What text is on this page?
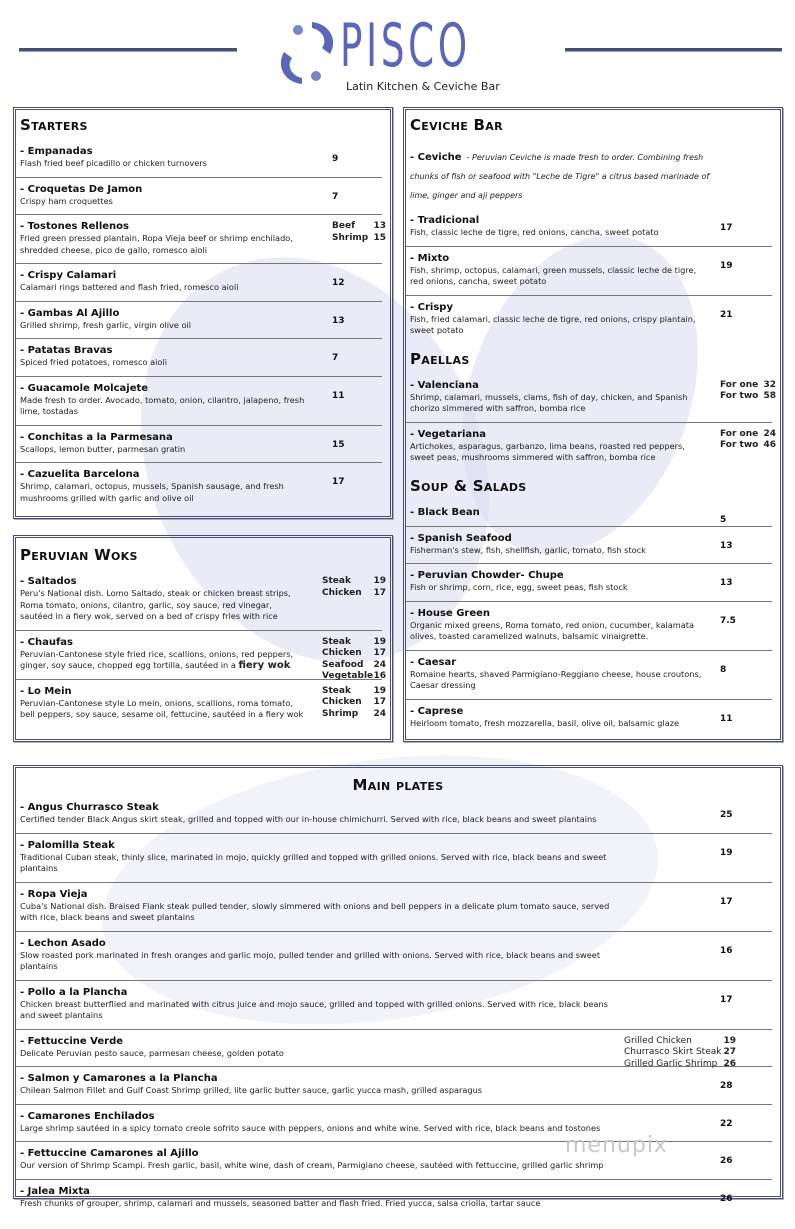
PISCO
Latin Kitchen & Ceviche Bar
Starters
- Empanadas
Flash fried beef picadillo or chicken turnovers	9
- Croquetas De Jamon
Crispy ham croquettes	7
- Tostones Rellenos
Fried green pressed plantain, Ropa Vieja beef or shrimp enchilado, shredded cheese, pico de gallo, romesco aioli
Beef 13
Shrimp 15
- Crispy Calamari
Calamari rings battered and flash fried, romesco aioli	12
- Gambas Al Ajillo
Grilled shrimp, fresh garlic, virgin olive oil	13
- Patatas Bravas
Spiced fried potatoes, romesco aioli	7
- Guacamole Molcajete
Made fresh to order. Avocado, tomato, onion, cilantro, jalapeno, fresh lime, tostadas
11
- Conchitas a la Parmesana
Scallops, lemon butter, parmesan gratin	15
- Cazuelita Barcelona
Shrimp, calamari, octopus, mussels, Spanish sausage, and fresh mushrooms grilled with garlic and olive oil
17
Peruvian Woks
- Saltados
Peru's National dish. Lomo Saltado, steak or chicken breast strips, Roma tomato, onions, cilantro, garlic, soy sauce, red vinegar, sautéed in a fiery wok, served on a bed of crispy fries with rice
Steak	19
Chicken 17
- Chaufas
Peruvian-Cantonese style fried rice, scallions, onions, red peppers, ginger, soy sauce, chopped egg tortilla, sautéed in a fiery wok
Steak	19
Chicken 17
Seafood 24
Vegetable 16
- Lo Mein
Peruvian-Cantonese style Lo mein, onions, scallions, roma tomato, bell peppers, soy sauce, sesame oil, fettucine, sautéed in a fiery wok
Steak	19
Chicken 17
Shrimp 24
Ceviche Bar
- Ceviche - Peruvian Ceviche is made fresh to order. Combining fresh chunks of fish or seafood with "Leche de Tigre" a citrus based marinade of lime, ginger and aji peppers
- Tradicional
Fish, classic leche de tigre, red onions, cancha, sweet potato	17
- Mixto
Fish, shrimp, octopus, calamari, green mussels, classic leche de tigre, red onions, cancha, sweet potato
19
- Crispy
Fish, fried calamari, classic leche de tigre, red onions, crispy plantain, sweet potato
21
Paellas
- Valenciana
Shrimp, calamari, mussels, clams, fish of day, chicken, and Spanish chorizo simmered with saffron, bomba rice
For one 32
For two 58
- Vegetariana
Artichokes, asparagus, garbanzo, lima beans, roasted red peppers, sweet peas, mushrooms simmered with saffron, bomba rice
For one 24
For two 46
Soup & Salads
- Black Bean
5
- Spanish Seafood
Fisherman's stew, fish, shellfish, garlic, tomato, fish stock	13
- Peruvian Chowder- Chupe
Fish or shrimp, corn, rice, egg, sweet peas, fish stock	13
- House Green
Organic mixed greens, Roma tomato, red onion, cucumber, kalamata olives, toasted caramelized walnuts, balsamic vinaigrette.
7.5
- Caesar
Romaine hearts, shaved Parmigiano-Reggiano cheese, house croutons, Caesar dressing
8
- Caprese
Heirloom tomato, fresh mozzarella, basil, olive oil, balsamic glaze	11
Main plates
- Angus Churrasco Steak
Certified tender Black Angus skirt steak, grilled and topped with our in-house chimichurri. Served with rice, black beans and sweet plantains	25
- Palomilla Steak
Traditional Cuban steak, thinly slice, marinated in mojo, quickly grilled and topped with grilled onions. Served with rice, black beans and sweet plantains
19
- Ropa Vieja
Cuba's National dish. Braised Flank steak pulled tender, slowly simmered with onions and bell peppers in a delicate plum tomato sauce, served with rice, black beans and sweet plantains
17
- Lechon Asado
Slow roasted pork marinated in fresh oranges and garlic mojo, pulled tender and grilled with onions. Served with rice, black beans and sweet plantains
16
- Pollo a la Plancha
Chicken breast butterflied and marinated with citrus juice and mojo sauce, grilled and topped with grilled onions. Served with rice, black beans and sweet plantains
17
- Fettuccine Verde
Delicate Peruvian pesto sauce, parmesan cheese, golden potato
Grilled Chicken	19
Churrasco Skirt Steak 27
Grilled Garlic Shrimp 26
- Salmon y Camarones a la Plancha
Chilean Salmon Fillet and Gulf Coast Shrimp grilled, lite garlic butter sauce, garlic yucca mash, grilled asparagus	28
- Camarones Enchilados
Large shrimp sautéed in a spicy tomato creole sofrito sauce with peppers, onions and white wine. Served with rice, black beans and tostones	22
- Fettuccine Camarones al Ajillo
Our version of Shrimp Scampi. Fresh garlic, basil, white wine, dash of cream, Parmigiano cheese, sautéed with fettuccine, grilled garlic shrimp	26
- Jalea Mixta
Fresh chunks of grouper, shrimp, calamari and mussels, seasoned batter and flash fried. Fried yucca, salsa criolla, tartar sauce	26
menupix
